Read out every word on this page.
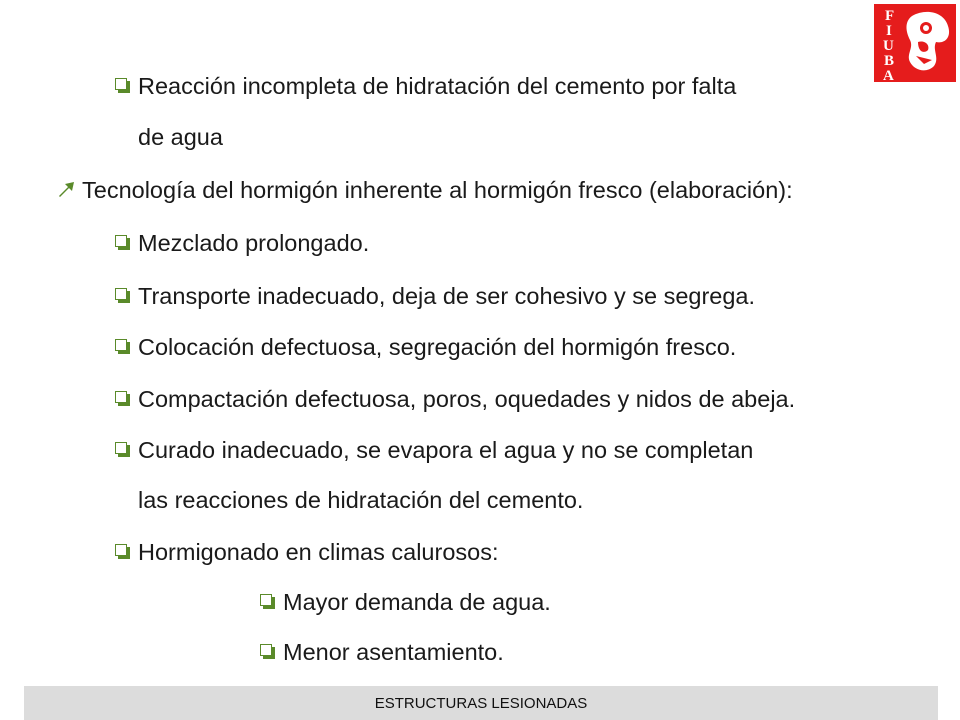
F
I
U
B
A
Reacción incompleta de hidratación del cemento por falta
de agua
Tecnología del hormigón inherente al hormigón fresco (elaboración):
Mezclado prolongado.
Transporte inadecuado, deja de ser cohesivo y se segrega.
Colocación defectuosa, segregación del hormigón fresco.
Compactación defectuosa, poros, oquedades y nidos de abeja.
Curado inadecuado, se evapora el agua y no se completan
las reacciones de hidratación del cemento.
Hormigonado en climas calurosos:
Mayor demanda de agua.
Menor asentamiento.
ESTRUCTURAS LESIONADAS
